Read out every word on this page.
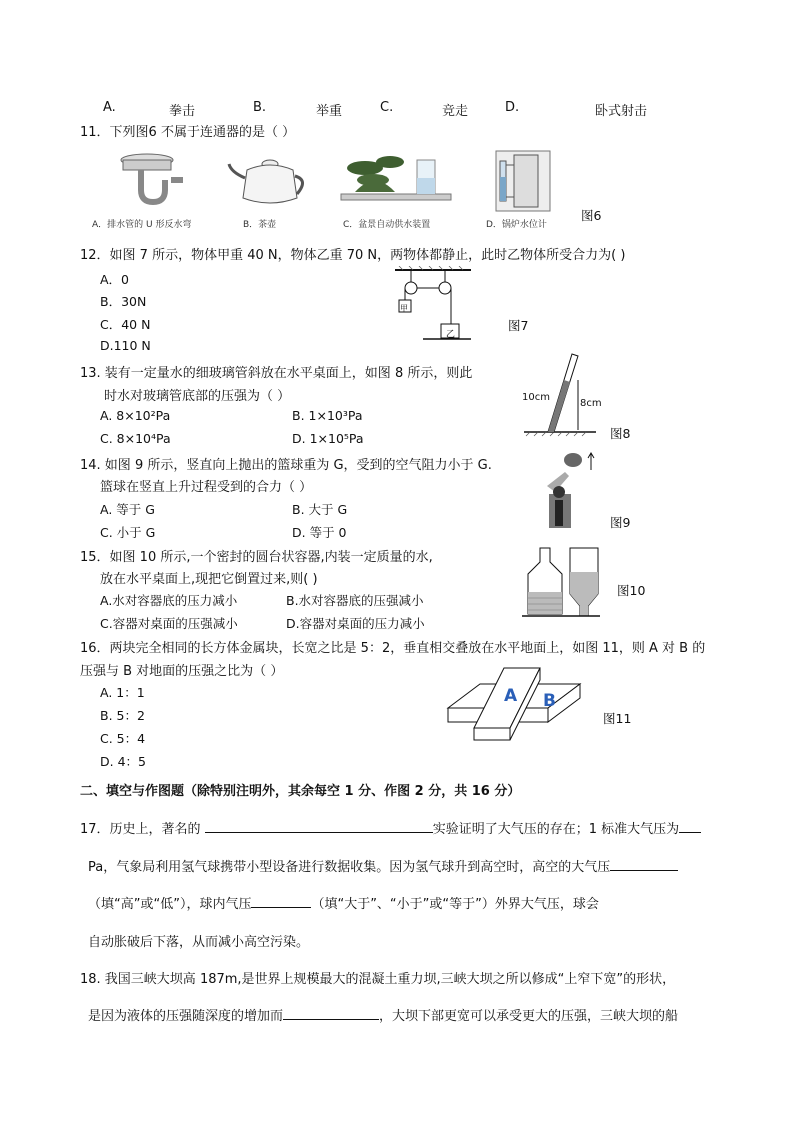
A.	拳击	B.	举重	C.	竞走	D.	卧式射击
11．下列图6 不属于连通器的是（ ）
A．排水管的 U 形反水弯	B．茶壶	C．盆景自动供水装置	D．锅炉水位计
图6
12．如图 7 所示，物体甲重 40 N，物体乙重 70 N，两物体都静止，此时乙物体所受合力为( )
A．0
B．30N
C．40 N
D.110 N
甲
乙
图7
13. 装有一定量水的细玻璃管斜放在水平桌面上，如图 8 所示，则此
时水对玻璃管底部的压强为（ ）
A. 8×10²Pa	B. 1×10³Pa
C. 8×10⁴Pa	D. 1×10⁵Pa
10cm
8cm
图8
14. 如图 9 所示，竖直向上抛出的篮球重为 G，受到的空气阻力小于 G.
篮球在竖直上升过程受到的合力（ ）
A. 等于 G	B. 大于 G
C. 小于 G	D. 等于 0
图9
15．如图 10 所示,一个密封的圆台状容器,内装一定质量的水,
放在水平桌面上,现把它倒置过来,则( )
A.水对容器底的压力减小	B.水对容器底的压强减小
C.容器对桌面的压强减小	D.容器对桌面的压力减小
图10
16．两块完全相同的长方体金属块，长宽之比是 5：2，垂直相交叠放在水平地面上，如图 11，则 A 对 B 的
压强与 B 对地面的压强之比为（ ）
A. 1：1
B. 5：2
C. 5：4
D. 4：5
A B
图11
二、填空与作图题（除特别注明外，其余每空 1 分、作图 2 分，共 16 分）
17．历史上，著名的	实验证明了大气压的存在；1 标准大气压为
Pa，气象局利用氢气球携带小型设备进行数据收集。因为氢气球升到高空时，高空的大气压
（填“高”或“低”），球内气压	（填“大于”、“小于”或“等于”）外界大气压，球会
自动胀破后下落，从而减小高空污染。
18. 我国三峡大坝高 187m,是世界上规模最大的混凝土重力坝,三峡大坝之所以修成“上窄下宽”的形状，
是因为液体的压强随深度的增加而	，大坝下部更宽可以承受更大的压强，三峡大坝的船
